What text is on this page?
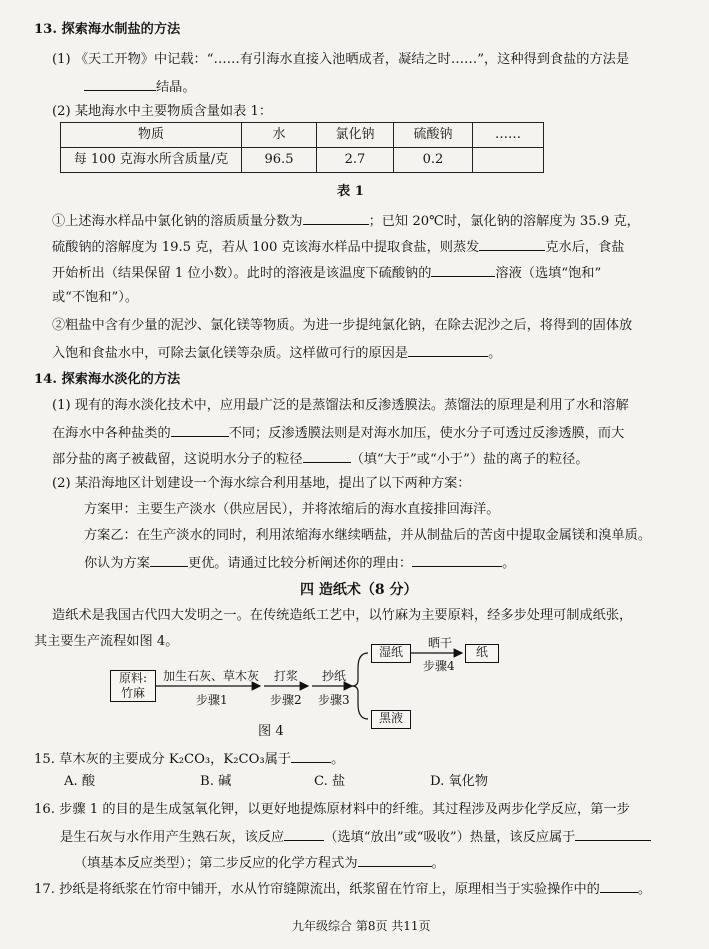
13. 探索海水制盐的方法
(1) 《天工开物》中记载：“……有引海水直接入池晒成者，凝结之时……”，这种得到食盐的方法是
结晶。
(2) 某地海水中主要物质含量如表 1：
物质	水	氯化钠	硫酸钠	……
每 100 克海水所含质量/克	96.5	2.7	0.2	
表 1
①上述海水样品中氯化钠的溶质质量分数为	；已知 20℃时，氯化钠的溶解度为 35.9 克，
硫酸钠的溶解度为 19.5 克，若从 100 克该海水样品中提取食盐，则蒸发	克水后，食盐
开始析出（结果保留 1 位小数）。此时的溶液是该温度下硫酸钠的	溶液（选填“饱和”
或“不饱和”）。
②粗盐中含有少量的泥沙、氯化镁等物质。为进一步提纯氯化钠，在除去泥沙之后，将得到的固体放
入饱和食盐水中，可除去氯化镁等杂质。这样做可行的原因是	。
14. 探索海水淡化的方法
(1) 现有的海水淡化技术中，应用最广泛的是蒸馏法和反渗透膜法。蒸馏法的原理是利用了水和溶解
在海水中各种盐类的	不同；反渗透膜法则是对海水加压，使水分子可透过反渗透膜，而大
部分盐的离子被截留，这说明水分子的粒径	（填“大于”或“小于”）盐的离子的粒径。
(2) 某沿海地区计划建设一个海水综合利用基地，提出了以下两种方案：
方案甲：主要生产淡水（供应居民），并将浓缩后的海水直接排回海洋。
方案乙：在生产淡水的同时，利用浓缩海水继续晒盐，并从制盐后的苦卤中提取金属镁和溴单质。
你认为方案	更优。请通过比较分析阐述你的理由：	。
四 造纸术（8 分）
造纸术是我国古代四大发明之一。在传统造纸工艺中，以竹麻为主要原料，经多步处理可制成纸张，
其主要生产流程如图 4。
原料:
竹麻
加生石灰、草木灰
步骤1
打浆
步骤2
抄纸
步骤3
湿纸
晒干
步骤4
纸
黑液
图 4
15. 草木灰的主要成分 K₂CO₃，K₂CO₃属于	。
A. 酸	B. 碱	C. 盐	D. 氧化物
16. 步骤 1 的目的是生成氢氧化钾，以更好地提炼原材料中的纤维。其过程涉及两步化学反应，第一步
是生石灰与水作用产生熟石灰，该反应	（选填“放出”或“吸收”）热量，该反应属于
（填基本反应类型）；第二步反应的化学方程式为	。
17. 抄纸是将纸浆在竹帘中铺开，水从竹帘缝隙流出，纸浆留在竹帘上，原理相当于实验操作中的	。
九年级综合 第8页 共11页
